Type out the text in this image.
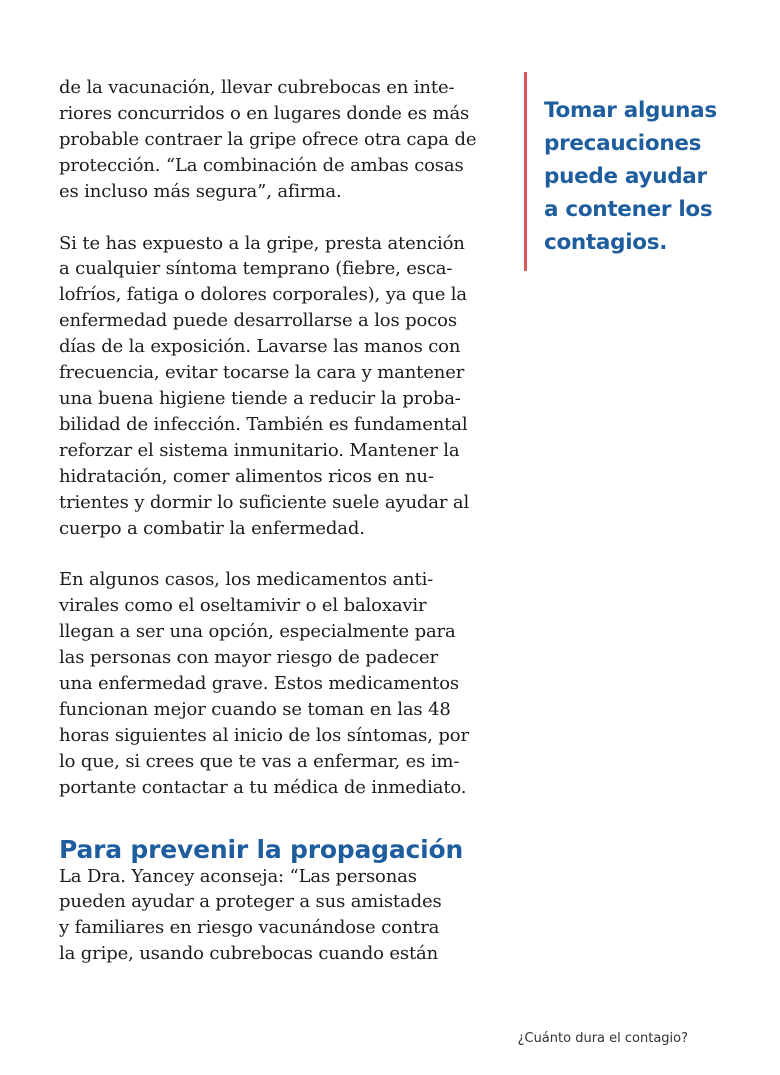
de la vacunación, llevar cubrebocas en inte-
riores concurridos o en lugares donde es más
probable contraer la gripe ofrece otra capa de
protección. “La combinación de ambas cosas
es incluso más segura”, afirma.

Si te has expuesto a la gripe, presta atención
a cualquier síntoma temprano (fiebre, esca-
lofríos, fatiga o dolores corporales), ya que la
enfermedad puede desarrollarse a los pocos
días de la exposición. Lavarse las manos con
frecuencia, evitar tocarse la cara y mantener
una buena higiene tiende a reducir la proba-
bilidad de infección. También es fundamental
reforzar el sistema inmunitario. Mantener la
hidratación, comer alimentos ricos en nu-
trientes y dormir lo suficiente suele ayudar al
cuerpo a combatir la enfermedad.

En algunos casos, los medicamentos anti-
virales como el oseltamivir o el baloxavir
llegan a ser una opción, especialmente para
las personas con mayor riesgo de padecer
una enfermedad grave. Estos medicamentos
funcionan mejor cuando se toman en las 48
horas siguientes al inicio de los síntomas, por
lo que, si crees que te vas a enfermar, es im-
portante contactar a tu médica de inmediato.

Para prevenir la propagación

La Dra. Yancey aconseja: “Las personas
pueden ayudar a proteger a sus amistades
y familiares en riesgo vacunándose contra
la gripe, usando cubrebocas cuando están

Tomar algunas
precauciones
puede ayudar
a contener los
contagios.

¿Cuánto dura el contagio?
